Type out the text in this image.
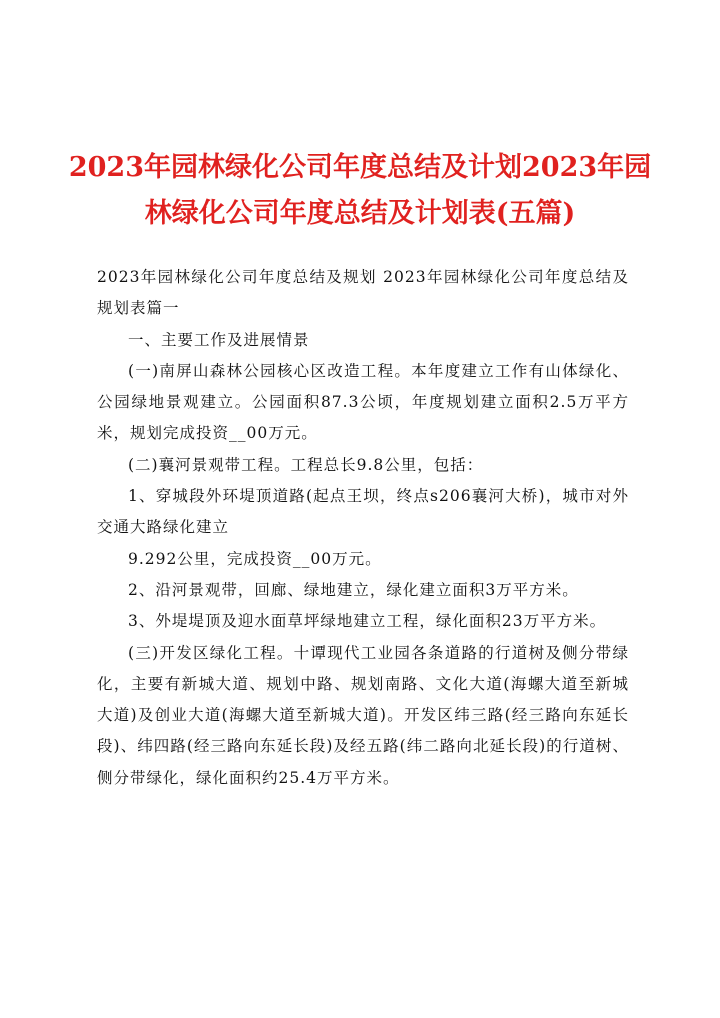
2023年园林绿化公司年度总结及计划2023年园林绿化公司年度总结及计划表(五篇)

2023年园林绿化公司年度总结及规划 2023年园林绿化公司年度总结及规划表篇一

一、主要工作及进展情景

(一)南屏山森林公园核心区改造工程。本年度建立工作有山体绿化、公园绿地景观建立。公园面积87.3公顷，年度规划建立面积2.5万平方米，规划完成投资__00万元。

(二)襄河景观带工程。工程总长9.8公里，包括：

1、穿城段外环堤顶道路(起点王坝，终点s206襄河大桥)，城市对外交通大路绿化建立

9.292公里，完成投资__00万元。

2、沿河景观带，回廊、绿地建立，绿化建立面积3万平方米。

3、外堤堤顶及迎水面草坪绿地建立工程，绿化面积23万平方米。

(三)开发区绿化工程。十谭现代工业园各条道路的行道树及侧分带绿化，主要有新城大道、规划中路、规划南路、文化大道(海螺大道至新城大道)及创业大道(海螺大道至新城大道)。开发区纬三路(经三路向东延长段)、纬四路(经三路向东延长段)及经五路(纬二路向北延长段)的行道树、侧分带绿化，绿化面积约25.4万平方米。
